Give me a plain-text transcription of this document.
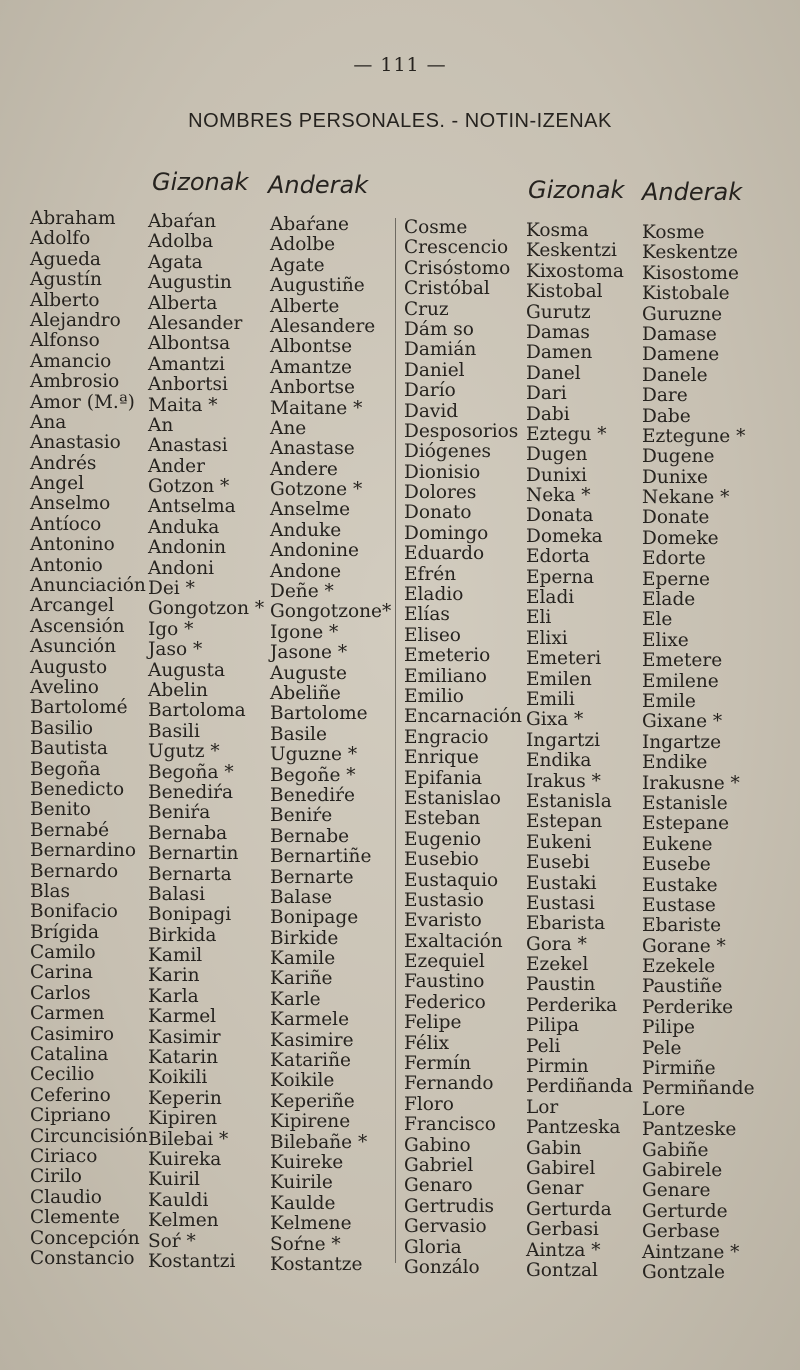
— 111 —
NOMBRES PERSONALES. - NOTIN-IZENAK
Gizonak Anderak	Gizonak Anderak
Abraham
Adolfo
Agueda
Agustín
Alberto
Alejandro
Alfonso
Amancio
Ambrosio
Amor (M.ª)
Ana
Anastasio
Andrés
Angel
Anselmo
Antíoco
Antonino
Antonio
Anunciación
Arcangel
Ascensión
Asunción
Augusto
Avelino
Bartolomé
Basilio
Bautista
Begoña
Benedicto
Benito
Bernabé
Bernardino
Bernardo
Blas
Bonifacio
Brígida
Camilo
Carina
Carlos
Carmen
Casimiro
Catalina
Cecilio
Ceferino
Cipriano
Circuncisión
Ciriaco
Cirilo
Claudio
Clemente
Concepción
Constancio
Abaŕan
Adolba
Agata
Augustin
Alberta
Alesander
Albontsa
Amantzi
Anbortsi
Maita *
An
Anastasi
Ander
Gotzon *
Antselma
Anduka
Andonin
Andoni
Dei *
Gongotzon *
Igo *
Jaso *
Augusta
Abelin
Bartoloma
Basili
Ugutz *
Begoña *
Benediŕa
Beniŕa
Bernaba
Bernartin
Bernarta
Balasi
Bonipagi
Birkida
Kamil
Karin
Karla
Karmel
Kasimir
Katarin
Koikili
Keperin
Kipiren
Bilebai *
Kuireka
Kuiril
Kauldi
Kelmen
Soŕ *
Kostantzi
Abaŕane
Adolbe
Agate
Augustiñe
Alberte
Alesandere
Albontse
Amantze
Anbortse
Maitane *
Ane
Anastase
Andere
Gotzone *
Anselme
Anduke
Andonine
Andone
Deñe *
Gongotzone*
Igone *
Jasone *
Auguste
Abeliñe
Bartolome
Basile
Uguzne *
Begoñe *
Benediŕe
Beniŕe
Bernabe
Bernartiñe
Bernarte
Balase
Bonipage
Birkide
Kamile
Kariñe
Karle
Karmele
Kasimire
Katariñe
Koikile
Keperiñe
Kipirene
Bilebañe *
Kuireke
Kuirile
Kaulde
Kelmene
Soŕne *
Kostantze
Cosme
Crescencio
Crisóstomo
Cristóbal
Cruz
Dám so
Damián
Daniel
Darío
David
Desposorios
Diógenes
Dionisio
Dolores
Donato
Domingo
Eduardo
Efrén
Eladio
Elías
Eliseo
Emeterio
Emiliano
Emilio
Encarnación
Engracio
Enrique
Epifania
Estanislao
Esteban
Eugenio
Eusebio
Eustaquio
Eustasio
Evaristo
Exaltación
Ezequiel
Faustino
Federico
Felipe
Félix
Fermín
Fernando
Floro
Francisco
Gabino
Gabriel
Genaro
Gertrudis
Gervasio
Gloria
Gonzálo
Kosma
Keskentzi
Kixostoma
Kistobal
Gurutz
Damas
Damen
Danel
Dari
Dabi
Eztegu *
Dugen
Dunixi
Neka *
Donata
Domeka
Edorta
Eperna
Eladi
Eli
Elixi
Emeteri
Emilen
Emili
Gixa *
Ingartzi
Endika
Irakus *
Estanisla
Estepan
Eukeni
Eusebi
Eustaki
Eustasi
Ebarista
Gora *
Ezekel
Paustin
Perderika
Pilipa
Peli
Pirmin
Perdiñanda
Lor
Pantzeska
Gabin
Gabirel
Genar
Gerturda
Gerbasi
Aintza *
Gontzal
Kosme
Keskentze
Kisostome
Kistobale
Guruzne
Damase
Damene
Danele
Dare
Dabe
Eztegune *
Dugene
Dunixe
Nekane *
Donate
Domeke
Edorte
Eperne
Elade
Ele
Elixe
Emetere
Emilene
Emile
Gixane *
Ingartze
Endike
Irakusne *
Estanisle
Estepane
Eukene
Eusebe
Eustake
Eustase
Ebariste
Gorane *
Ezekele
Paustiñe
Perderike
Pilipe
Pele
Pirmiñe
Permiñande
Lore
Pantzeske
Gabiñe
Gabirele
Genare
Gerturde
Gerbase
Aintzane *
Gontzale
